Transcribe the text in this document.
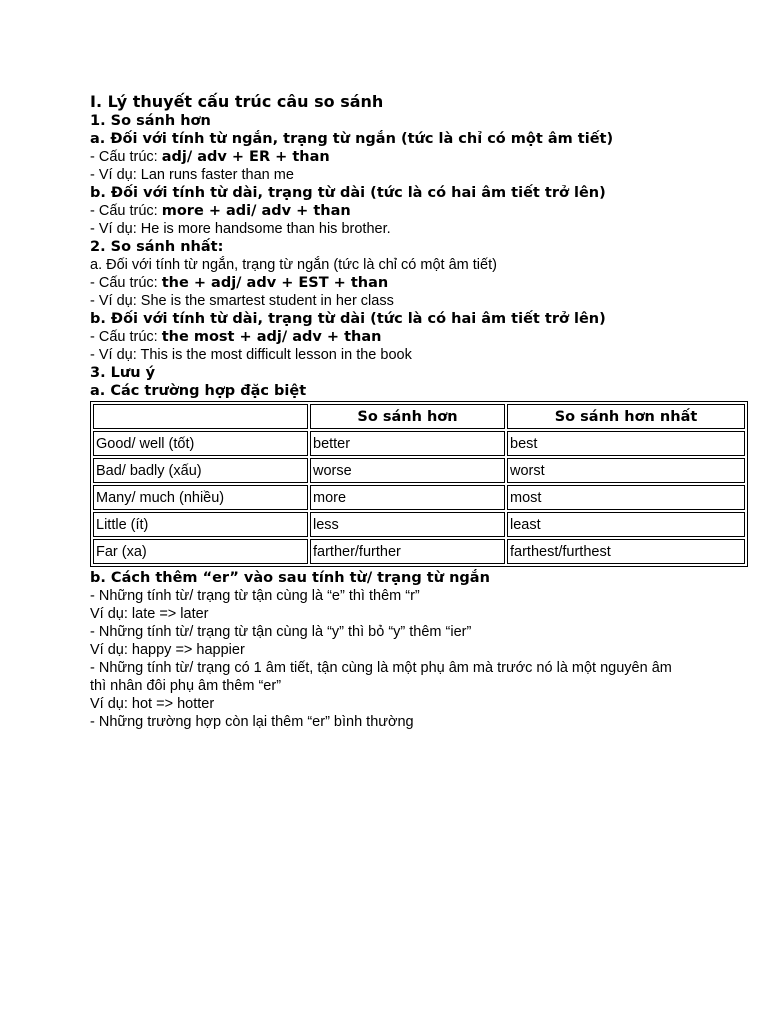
I. Lý thuyết cấu trúc câu so sánh
1. So sánh hơn
a. Đối với tính từ ngắn, trạng từ ngắn (tức là chỉ có một âm tiết)
- Cấu trúc: adj/ adv + ER + than
- Ví dụ: Lan runs faster than me
b. Đối với tính từ dài, trạng từ dài (tức là có hai âm tiết trở lên)
- Cấu trúc: more + adi/ adv + than
- Ví dụ: He is more handsome than his brother.
2. So sánh nhất:
a. Đối với tính từ ngắn, trạng từ ngắn (tức là chỉ có một âm tiết)
- Cấu trúc: the + adj/ adv + EST + than
- Ví dụ: She is the smartest student in her class
b. Đối với tính từ dài, trạng từ dài (tức là có hai âm tiết trở lên)
- Cấu trúc: the most + adj/ adv + than
- Ví dụ: This is the most difficult lesson in the book
3. Lưu ý
a. Các trường hợp đặc biệt
	So sánh hơn	So sánh hơn nhất
Good/ well (tốt)	better	best
Bad/ badly (xấu)	worse	worst
Many/ much (nhiều)	more	most
Little (ít)	less	least
Far (xa)	farther/further	farthest/furthest
b. Cách thêm “er” vào sau tính từ/ trạng từ ngắn
- Những tính từ/ trạng từ tận cùng là “e” thì thêm “r”
Ví dụ: late => later
- Những tính từ/ trạng từ tận cùng là “y” thì bỏ “y” thêm “ier”
Ví dụ: happy => happier
- Những tính từ/ trạng có 1 âm tiết, tận cùng là một phụ âm mà trước nó là một nguyên âm thì nhân đôi phụ âm thêm “er”
Ví dụ: hot => hotter
- Những trường hợp còn lại thêm “er” bình thường
